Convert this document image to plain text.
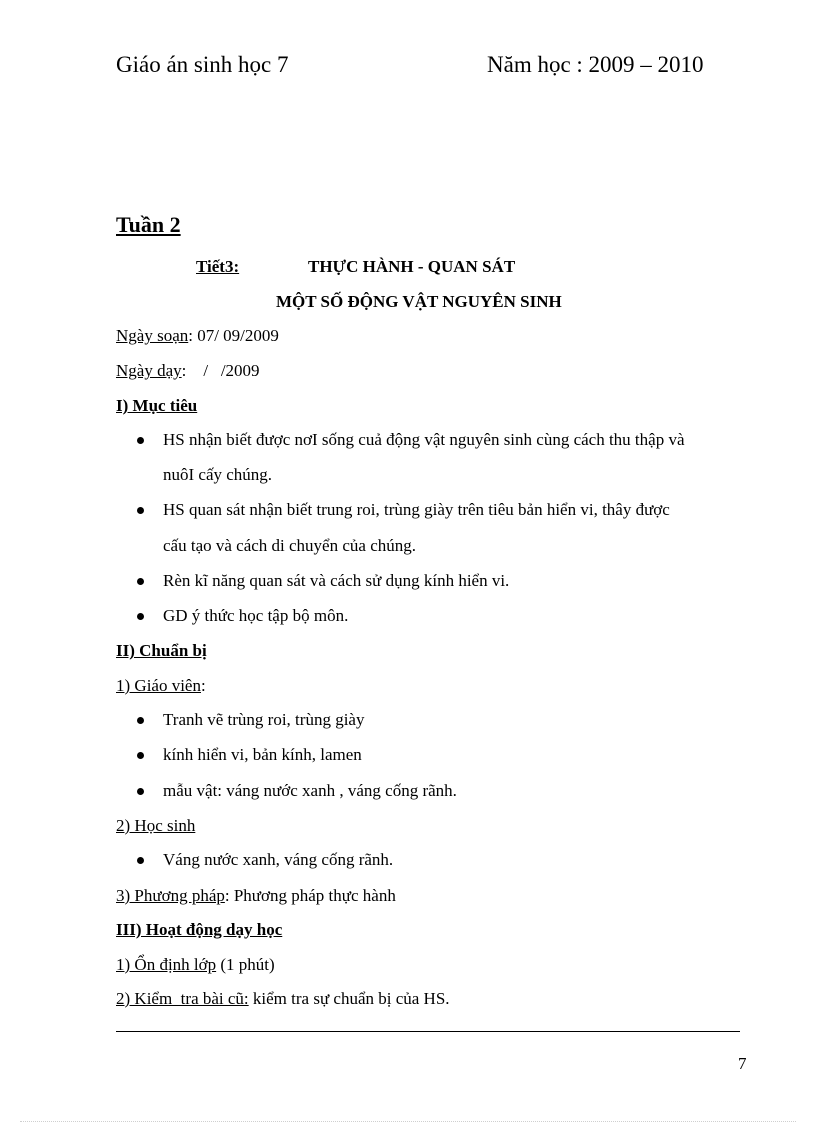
Giáo án sinh học 7	Năm học : 2009 – 2010
Tuần 2
Tiết3:	THỰC HÀNH - QUAN SÁT
MỘT SỐ ĐỘNG VẬT NGUYÊN SINH
Ngày soạn: 07/ 09/2009
Ngày dạy:    /   /2009
I) Mục tiêu
HS nhận biết được nơI sống cuả động vật nguyên sinh cùng cách thu thập và
nuôI cấy chúng.
HS quan sát nhận biết trung roi, trùng giày trên tiêu bản hiển vi, thây được
cấu tạo và cách di chuyển của chúng.
Rèn kĩ năng quan sát và cách sử dụng kính hiển vi.
GD ý thức học tập bộ môn.
II) Chuẩn bị
1) Giáo viên:
Tranh vẽ trùng roi, trùng giày
kính hiển vi, bản kính, lamen
mẫu vật: váng nước xanh , váng cống rãnh.
2) Học sinh
Váng nước xanh, váng cống rãnh.
3) Phương pháp: Phương pháp thực hành
III) Hoạt động dạy học
1) Ổn định lớp (1 phút)
2) Kiểm  tra bài cũ: kiểm tra sự chuẩn bị của HS.
7
